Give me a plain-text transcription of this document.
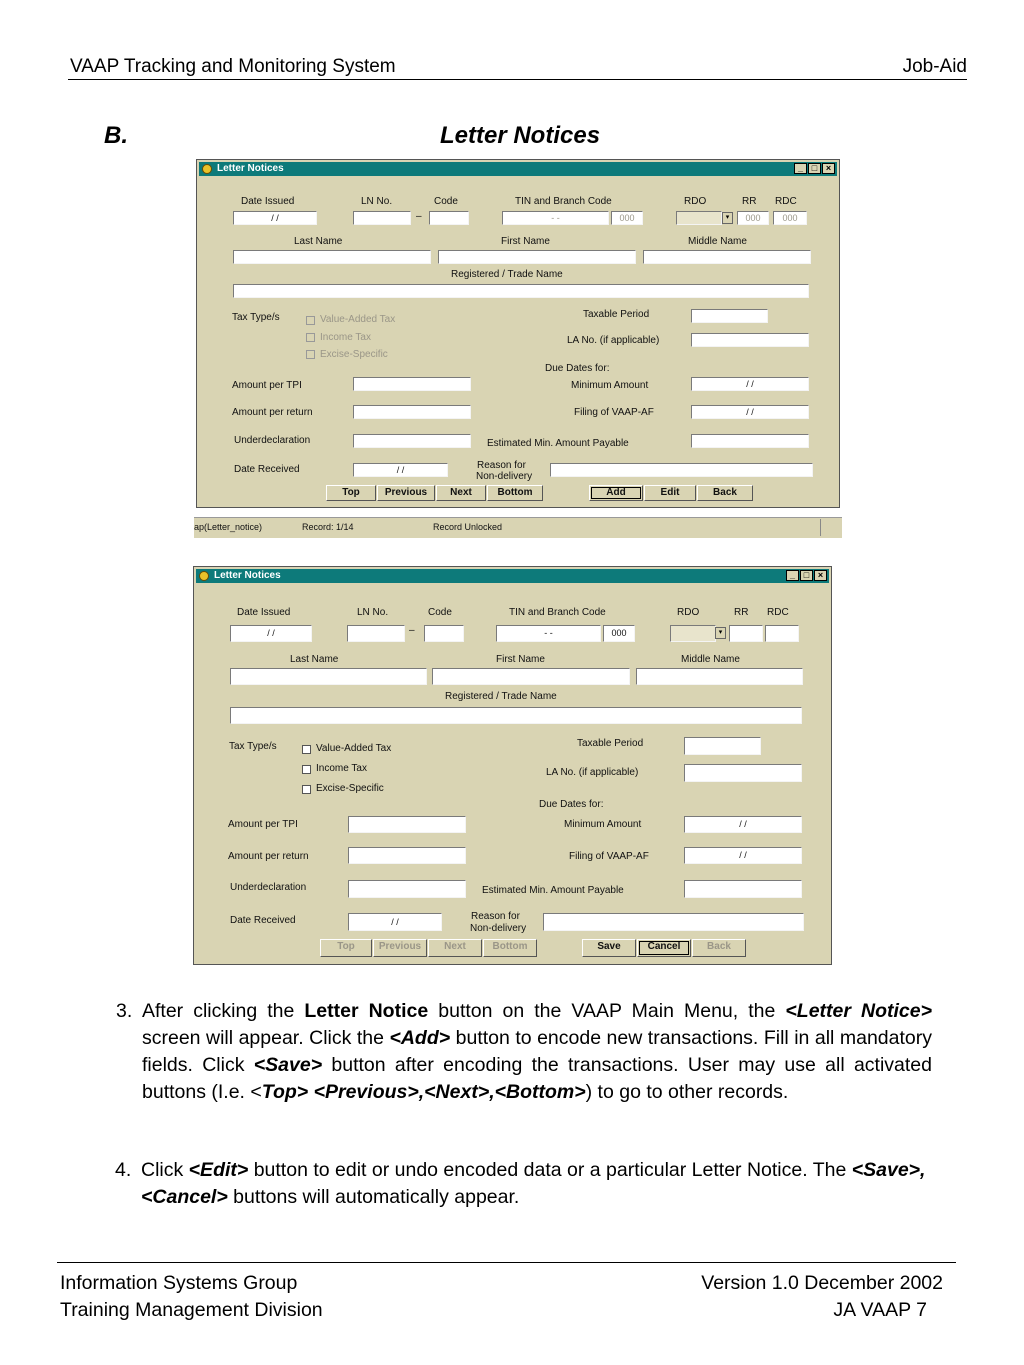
VAAP Tracking and Monitoring System	Job-Aid
B.	Letter Notices
Letter Notices	_ □ ×
Date Issued	LN No.	Code	TIN and Branch Code	RDO	RR RDC
/ /	–	- -	000	▾	000	000
Last Name	First Name	Middle Name
Registered / Trade Name
Tax Type/s	Value-Added Tax
Income Tax
Excise-Specific
Taxable Period
LA No. (if applicable)
Due Dates for:
Amount per TPI	Minimum Amount	/ /
Amount per return	Filing of VAAP-AF	/ /
Underdeclaration	Estimated Min. Amount Payable
Date Received	/ /	Reason for
Non-delivery
Top	Previous	Next	Bottom	Add	Edit	Back
ap(Letter_notice)	Record: 1/14	Record Unlocked
Letter Notices	_ □ ×
Date Issued	LN No.	Code	TIN and Branch Code	RDO	RR RDC
/ /	–	- -	000	▾
Last Name	First Name	Middle Name
Registered / Trade Name
Tax Type/s	Value-Added Tax
Income Tax
Excise-Specific
Taxable Period
LA No. (if applicable)
Due Dates for:
Amount per TPI	Minimum Amount	/ /
Amount per return	Filing of VAAP-AF	/ /
Underdeclaration	Estimated Min. Amount Payable
Date Received	/ /	Reason for
Non-delivery
Top	Previous	Next	Bottom	Save	Cancel	Back
3. After clicking the Letter Notice button on the VAAP Main Menu, the <Letter Notice> screen will appear. Click the <Add> button to encode new transactions. Fill in all mandatory fields. Click <Save> button after encoding the transactions. User may use all activated buttons (I.e. <Top> <Previous>,<Next>,<Bottom>) to go to other records.
4. Click <Edit> button to edit or undo encoded data or a particular Letter Notice. The <Save>, <Cancel> buttons will automatically appear.
Information Systems Group
Training Management Division
Version 1.0 December 2002
JA VAAP 7
